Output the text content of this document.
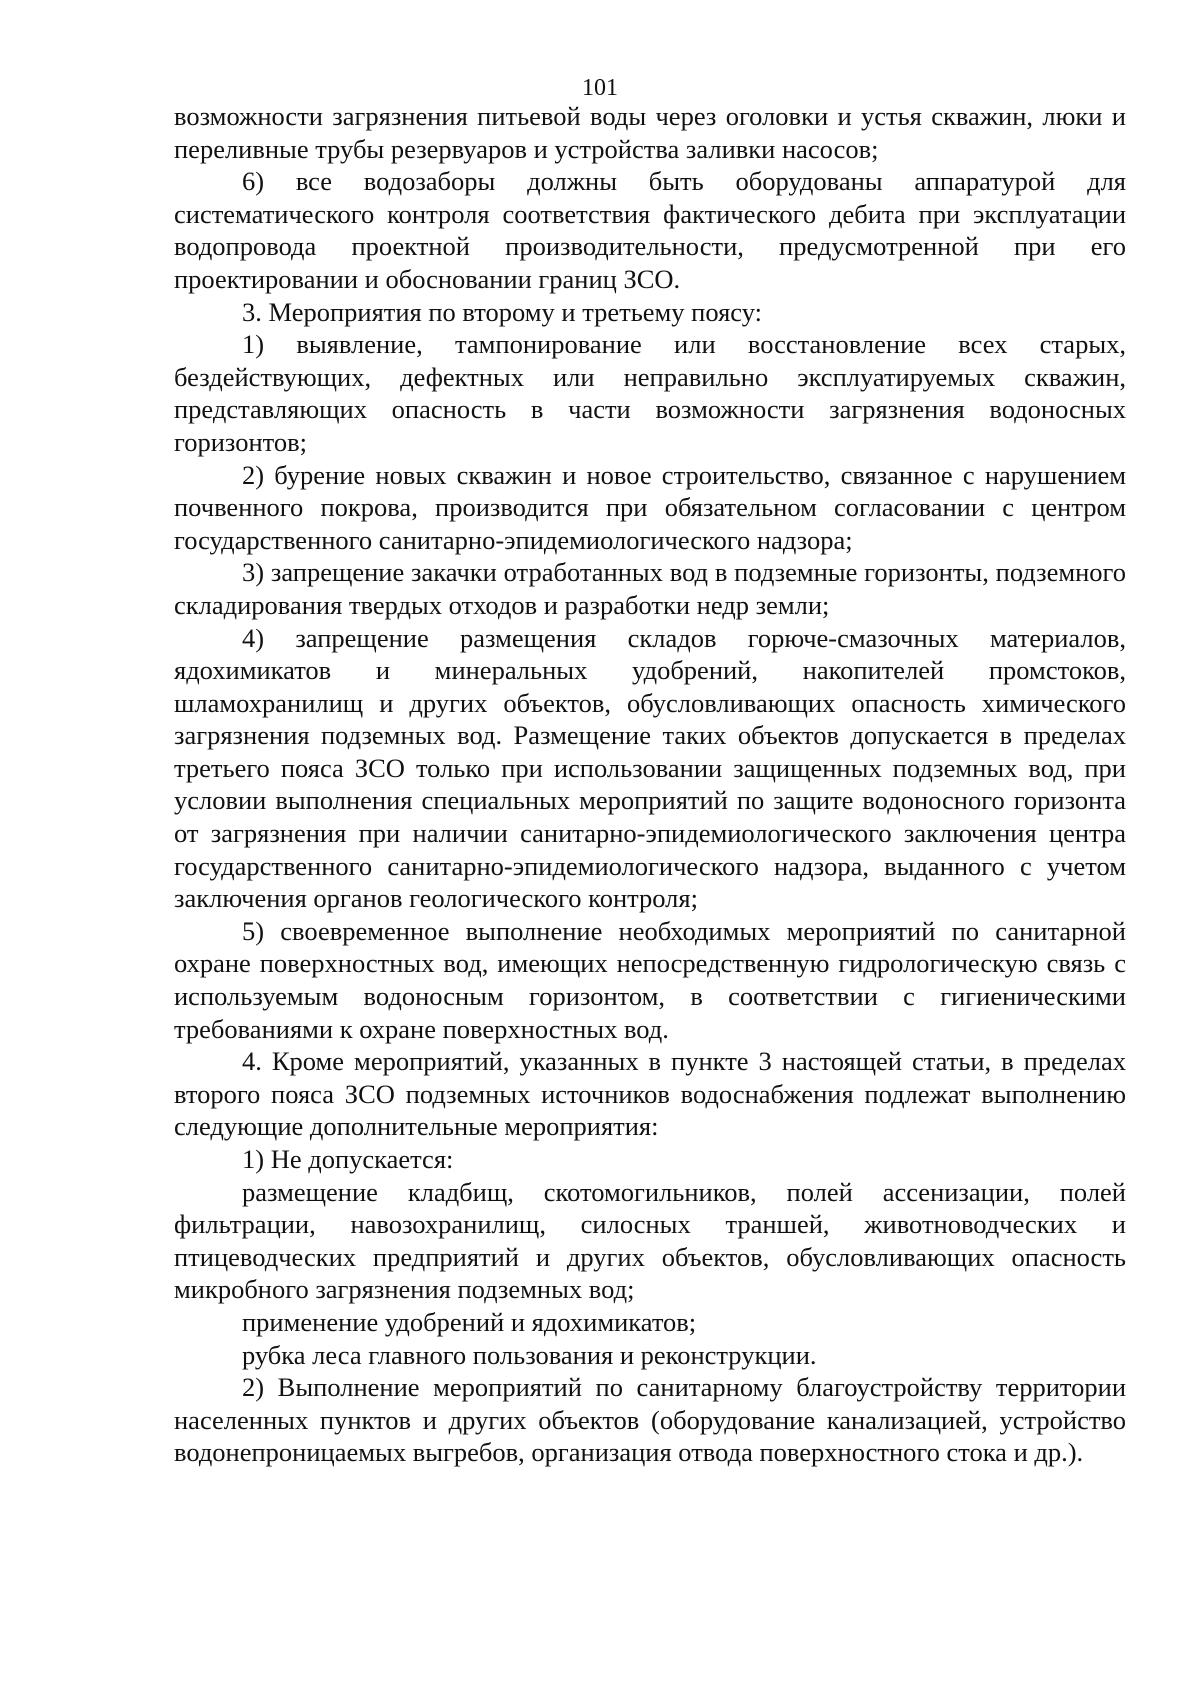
101

возможности загрязнения питьевой воды через оголовки и устья скважин, люки и переливные трубы резервуаров и устройства заливки насосов;

6) все водозаборы должны быть оборудованы аппаратурой для систематического контроля соответствия фактического дебита при эксплуатации водопровода проектной производительности, предусмотренной при его проектировании и обосновании границ ЗСО.

3. Мероприятия по второму и третьему поясу:

1) выявление, тампонирование или восстановление всех старых, бездействующих, дефектных или неправильно эксплуатируемых скважин, представляющих опасность в части возможности загрязнения водоносных горизонтов;

2) бурение новых скважин и новое строительство, связанное с нарушением почвенного покрова, производится при обязательном согласовании с центром государственного санитарно-эпидемиологического надзора;

3) запрещение закачки отработанных вод в подземные горизонты, подземного складирования твердых отходов и разработки недр земли;

4) запрещение размещения складов горюче-смазочных материалов, ядохимикатов и минеральных удобрений, накопителей промстоков, шламохранилищ и других объектов, обусловливающих опасность химического загрязнения подземных вод. Размещение таких объектов допускается в пределах третьего пояса ЗСО только при использовании защищенных подземных вод, при условии выполнения специальных мероприятий по защите водоносного горизонта от загрязнения при наличии санитарно-эпидемиологического заключения центра государственного санитарно-эпидемиологического надзора, выданного с учетом заключения органов геологического контроля;

5) своевременное выполнение необходимых мероприятий по санитарной охране поверхностных вод, имеющих непосредственную гидрологическую связь с используемым водоносным горизонтом, в соответствии с гигиеническими требованиями к охране поверхностных вод.

4. Кроме мероприятий, указанных в пункте 3 настоящей статьи, в пределах второго пояса ЗСО подземных источников водоснабжения подлежат выполнению следующие дополнительные мероприятия:

1) Не допускается:

размещение кладбищ, скотомогильников, полей ассенизации, полей фильтрации, навозохранилищ, силосных траншей, животноводческих и птицеводческих предприятий и других объектов, обусловливающих опасность микробного загрязнения подземных вод;

применение удобрений и ядохимикатов;

рубка леса главного пользования и реконструкции.

2) Выполнение мероприятий по санитарному благоустройству территории населенных пунктов и других объектов (оборудование канализацией, устройство водонепроницаемых выгребов, организация отвода поверхностного стока и др.).
